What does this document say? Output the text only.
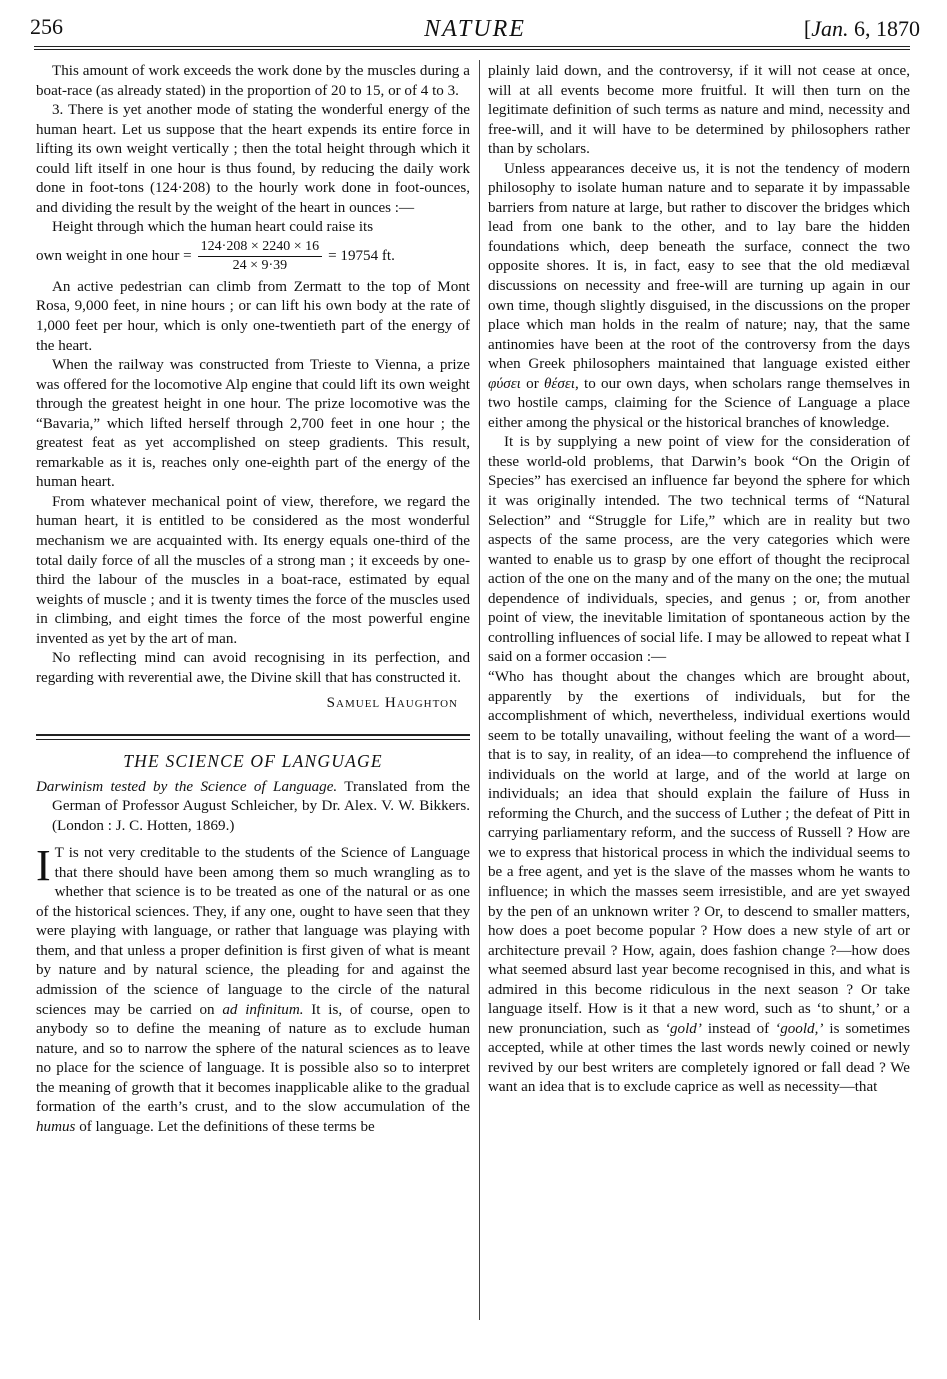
256	NATURE	[Jan. 6, 1870

This amount of work exceeds the work done by the muscles during a boat-race (as already stated) in the proportion of 20 to 15, or of 4 to 3.

3. There is yet another mode of stating the wonderful energy of the human heart. Let us suppose that the heart expends its entire force in lifting its own weight vertically ; then the total height through which it could lift itself in one hour is thus found, by reducing the daily work done in foot-tons (124·208) to the hourly work done in foot-ounces, and dividing the result by the weight of the heart in ounces :—

Height through which the human heart could raise its

own weight in one hour = $\frac{124\cdot 208 \times 2240 \times 16}{24 \times 9\cdot 39} = 19754$ ft.

An active pedestrian can climb from Zermatt to the top of Mont Rosa, 9,000 feet, in nine hours ; or can lift his own body at the rate of 1,000 feet per hour, which is only one-twentieth part of the energy of the heart.

When the railway was constructed from Trieste to Vienna, a prize was offered for the locomotive Alp engine that could lift its own weight through the greatest height in one hour. The prize locomotive was the “Bavaria,” which lifted herself through 2,700 feet in one hour ; the greatest feat as yet accomplished on steep gradients. This result, remarkable as it is, reaches only one-eighth part of the energy of the human heart.

From whatever mechanical point of view, therefore, we regard the human heart, it is entitled to be considered as the most wonderful mechanism we are acquainted with. Its energy equals one-third of the total daily force of all the muscles of a strong man ; it exceeds by one-third the labour of the muscles in a boat-race, estimated by equal weights of muscle ; and it is twenty times the force of the muscles used in climbing, and eight times the force of the most powerful engine invented as yet by the art of man.

No reflecting mind can avoid recognising in its perfection, and regarding with reverential awe, the Divine skill that has constructed it.

Samuel Haughton
THE SCIENCE OF LANGUAGE
Darwinism tested by the Science of Language. Translated from the German of Professor August Schleicher, by Dr. Alex. V. W. Bikkers. (London : J. C. Hotten, 1869.)

I T is not very creditable to the students of the Science of Language that there should have been among them so much wrangling as to whether that science is to be treated as one of the natural or as one of the historical sciences. They, if any one, ought to have seen that they were playing with language, or rather that language was playing with them, and that unless a proper definition is first given of what is meant by nature and by natural science, the pleading for and against the admission of the science of language to the circle of the natural sciences may be carried on ad infinitum. It is, of course, open to anybody so to define the meaning of nature as to exclude human nature, and so to narrow the sphere of the natural sciences as to leave no place for the science of language. It is possible also so to interpret the meaning of growth that it becomes inapplicable alike to the gradual formation of the earth’s crust, and to the slow accumulation of the humus of language. Let the definitions of these terms be

plainly laid down, and the controversy, if it will not cease at once, will at all events become more fruitful. It will then turn on the legitimate definition of such terms as nature and mind, necessity and free-will, and it will have to be determined by philosophers rather than by scholars.

Unless appearances deceive us, it is not the tendency of modern philosophy to isolate human nature and to separate it by impassable barriers from nature at large, but rather to discover the bridges which lead from one bank to the other, and to lay bare the hidden foundations which, deep beneath the surface, connect the two opposite shores. It is, in fact, easy to see that the old mediæval discussions on necessity and free-will are turning up again in our own time, though slightly disguised, in the discussions on the proper place which man holds in the realm of nature; nay, that the same antinomies have been at the root of the controversy from the days when Greek philosophers maintained that language existed either φύσει or θέσει, to our own days, when scholars range themselves in two hostile camps, claiming for the Science of Language a place either among the physical or the historical branches of knowledge.

It is by supplying a new point of view for the consideration of these world-old problems, that Darwin’s book “On the Origin of Species” has exercised an influence far beyond the sphere for which it was originally intended. The two technical terms of “Natural Selection” and “Struggle for Life,” which are in reality but two aspects of the same process, are the very categories which were wanted to enable us to grasp by one effort of thought the reciprocal action of the one on the many and of the many on the one; the mutual dependence of individuals, species, and genus ; or, from another point of view, the inevitable limitation of spontaneous action by the controlling influences of social life. I may be allowed to repeat what I said on a former occasion :—

“Who has thought about the changes which are brought about, apparently by the exertions of individuals, but for the accomplishment of which, nevertheless, individual exertions would seem to be totally unavailing, without feeling the want of a word—that is to say, in reality, of an idea—to comprehend the influence of individuals on the world at large, and of the world at large on individuals; an idea that should explain the failure of Huss in reforming the Church, and the success of Luther ; the defeat of Pitt in carrying parliamentary reform, and the success of Russell ? How are we to express that historical process in which the individual seems to be a free agent, and yet is the slave of the masses whom he wants to influence; in which the masses seem irresistible, and are yet swayed by the pen of an unknown writer ? Or, to descend to smaller matters, how does a poet become popular ? How does a new style of art or architecture prevail ? How, again, does fashion change ?—how does what seemed absurd last year become recognised in this, and what is admired in this become ridiculous in the next season ? Or take language itself. How is it that a new word, such as ‘to shunt,’ or a new pronunciation, such as ‘gold’ instead of ‘goold,’ is sometimes accepted, while at other times the last words newly coined or newly revived by our best writers are completely ignored or fall dead ? We want an idea that is to exclude caprice as well as necessity—that
